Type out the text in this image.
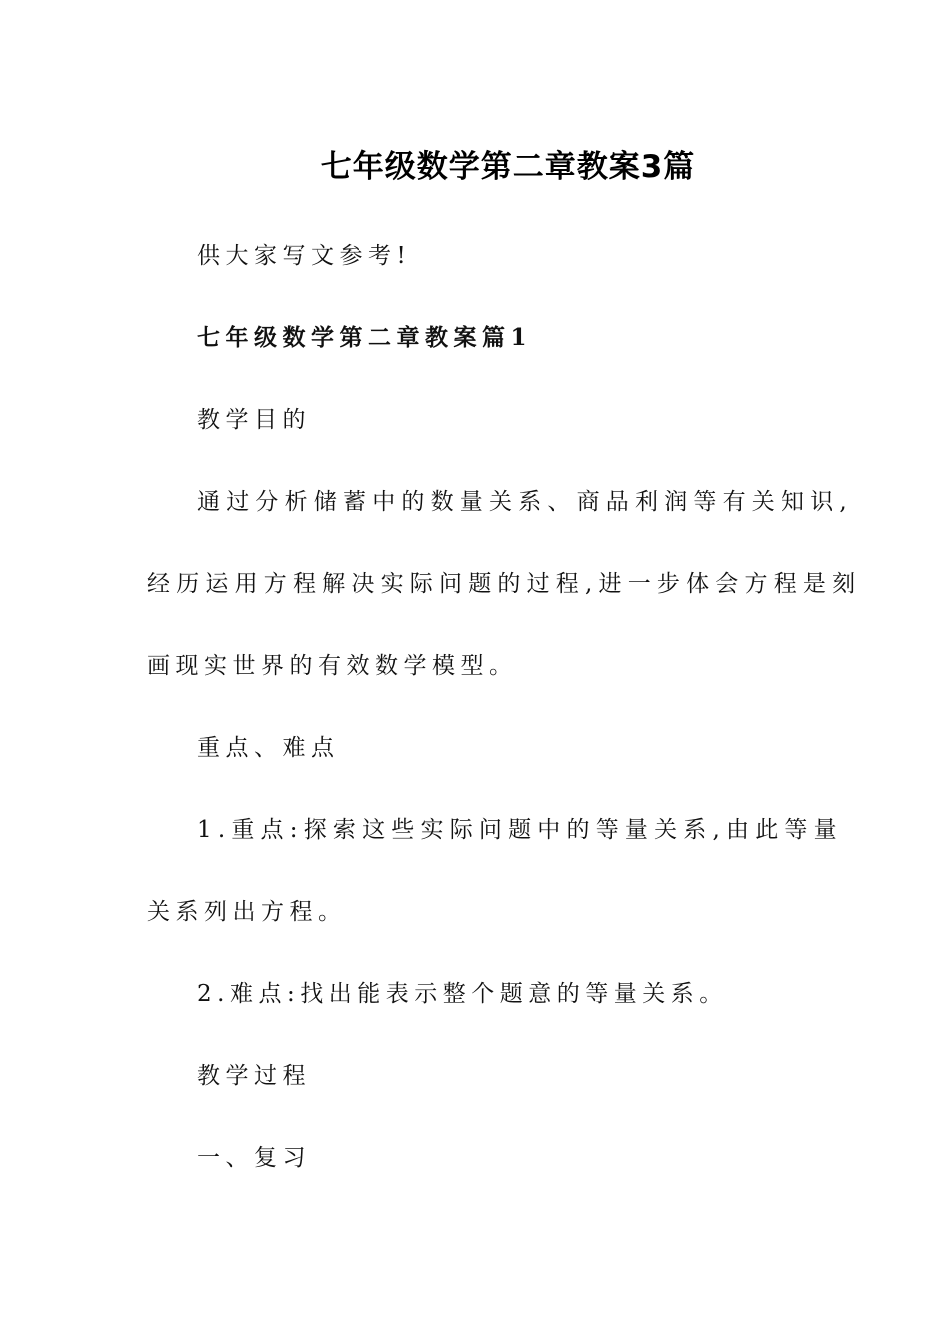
七年级数学第二章教案3篇
供大家写文参考!
七年级数学第二章教案篇1
教学目的
通过分析储蓄中的数量关系、商品利润等有关知识,
经历运用方程解决实际问题的过程,进一步体会方程是刻
画现实世界的有效数学模型。
重点、难点
1.重点:探索这些实际问题中的等量关系,由此等量
关系列出方程。
2.难点:找出能表示整个题意的等量关系。
教学过程
一、复习
